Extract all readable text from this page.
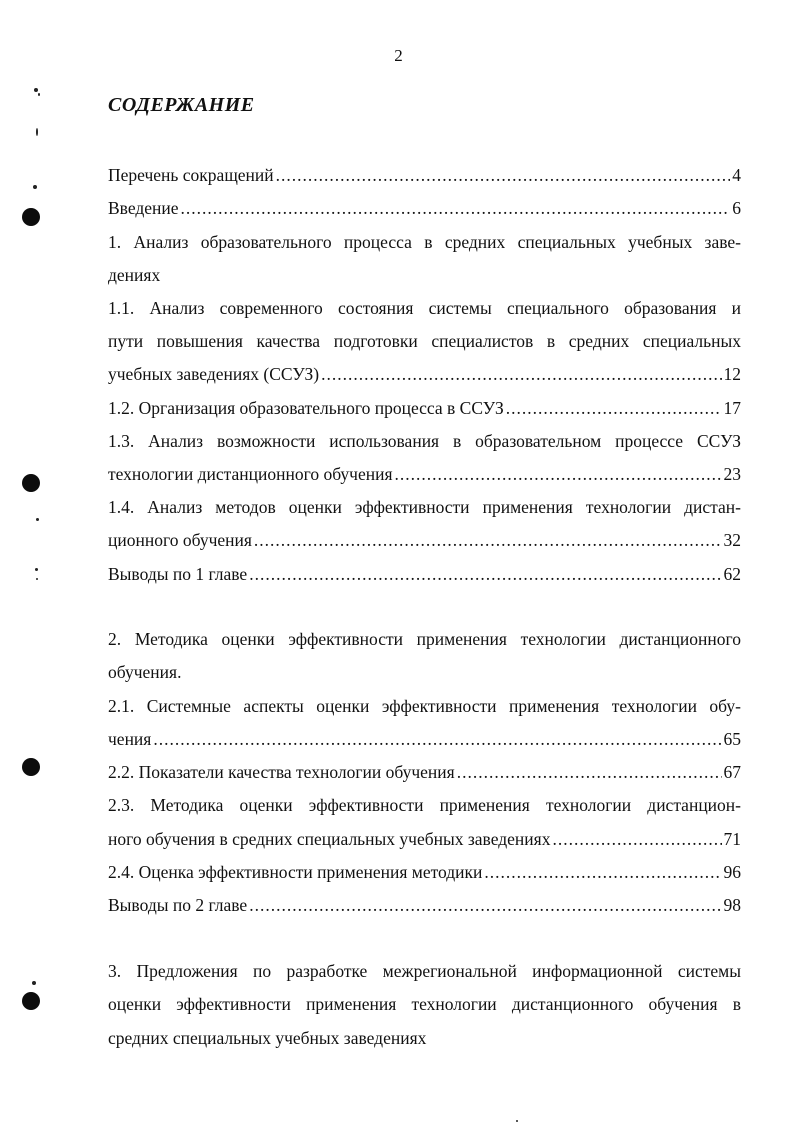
2
СОДЕРЖАНИЕ
Перечень сокращений .....	4
Введение .....	6
1. Анализ образовательного процесса в средних специальных учебных заве-
дениях
1.1. Анализ современного состояния системы специального образования и
пути повышения качества подготовки специалистов в средних специальных
учебных заведениях (ССУЗ) .....	12
1.2. Организация образовательного процесса в ССУЗ .....	17
1.3. Анализ возможности использования в образовательном процессе ССУЗ
технологии дистанционного обучения .....	23
1.4. Анализ методов оценки эффективности применения технологии дистан-
ционного обучения .....	32
Выводы по 1 главе .....	62
2. Методика оценки эффективности применения технологии дистанционного
обучения.
2.1. Системные аспекты оценки эффективности применения технологии обу-
чения .....	65
2.2. Показатели качества технологии обучения .....	67
2.3. Методика оценки эффективности применения технологии дистанцион-
ного обучения в средних специальных учебных заведениях .....	71
2.4. Оценка эффективности применения методики .....	96
Выводы по 2 главе .....	98
3. Предложения по разработке межрегиональной информационной системы
оценки эффективности применения технологии дистанционного обучения в
средних специальных учебных заведениях
